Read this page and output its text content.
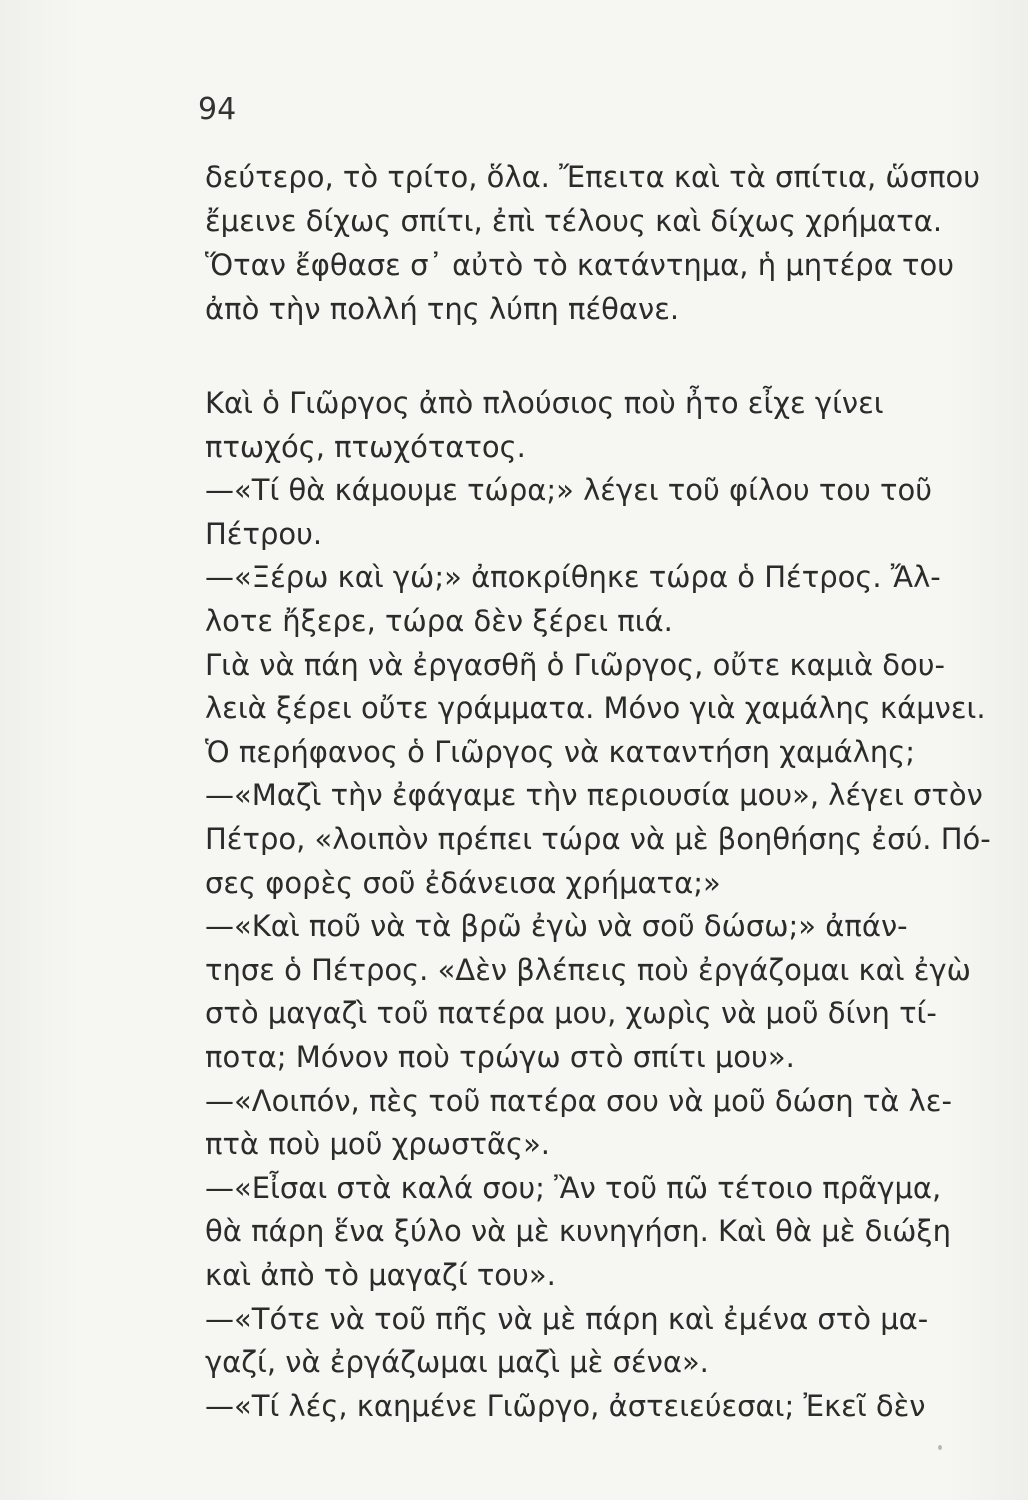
94
δεύτερο, τὸ τρίτο, ὅλα. Ἔπειτα καὶ τὰ σπίτια, ὥσπου
ἔμεινε δίχως σπίτι, ἐπὶ τέλους καὶ δίχως χρήματα.
Ὅταν ἔφθασε σ᾽ αὐτὸ τὸ κατάντημα, ἡ μητέρα του
ἀπὸ τὴν πολλή της λύπη πέθανε.
Καὶ ὁ Γιῶργος ἀπὸ πλούσιος ποὺ ἦτο εἶχε γίνει
πτωχός, πτωχότατος.
—«Τί θὰ κάμουμε τώρα;» λέγει τοῦ φίλου του τοῦ
Πέτρου.
—«Ξέρω καὶ γώ;» ἀποκρίθηκε τώρα ὁ Πέτρος. Ἄλ-
λοτε ἤξερε, τώρα δὲν ξέρει πιά.
Γιὰ νὰ πάη νὰ ἐργασθῆ ὁ Γιῶργος, οὔτε καμιὰ δου-
λειὰ ξέρει οὔτε γράμματα. Μόνο γιὰ χαμάλης κάμνει.
Ὁ περήφανος ὁ Γιῶργος νὰ καταντήση χαμάλης;
—«Μαζὶ τὴν ἐφάγαμε τὴν περιουσία μου», λέγει στὸν
Πέτρο, «λοιπὸν πρέπει τώρα νὰ μὲ βοηθήσης ἐσύ. Πό-
σες φορὲς σοῦ ἐδάνεισα χρήματα;»
—«Καὶ ποῦ νὰ τὰ βρῶ ἐγὼ νὰ σοῦ δώσω;» ἀπάν-
τησε ὁ Πέτρος. «Δὲν βλέπεις ποὺ ἐργάζομαι καὶ ἐγὼ
στὸ μαγαζὶ τοῦ πατέρα μου, χωρὶς νὰ μοῦ δίνη τί-
ποτα; Μόνον ποὺ τρώγω στὸ σπίτι μου».
—«Λοιπόν, πὲς τοῦ πατέρα σου νὰ μοῦ δώση τὰ λε-
πτὰ ποὺ μοῦ χρωστᾶς».
—«Εἶσαι στὰ καλά σου; Ἂν τοῦ πῶ τέτοιο πρᾶγμα,
θὰ πάρη ἕνα ξύλο νὰ μὲ κυνηγήση. Καὶ θὰ μὲ διώξη
καὶ ἀπὸ τὸ μαγαζί του».
—«Τότε νὰ τοῦ πῆς νὰ μὲ πάρη καὶ ἐμένα στὸ μα-
γαζί, νὰ ἐργάζωμαι μαζὶ μὲ σένα».
—«Τί λές, καημένε Γιῶργο, ἀστειεύεσαι; Ἐκεῖ δὲν
